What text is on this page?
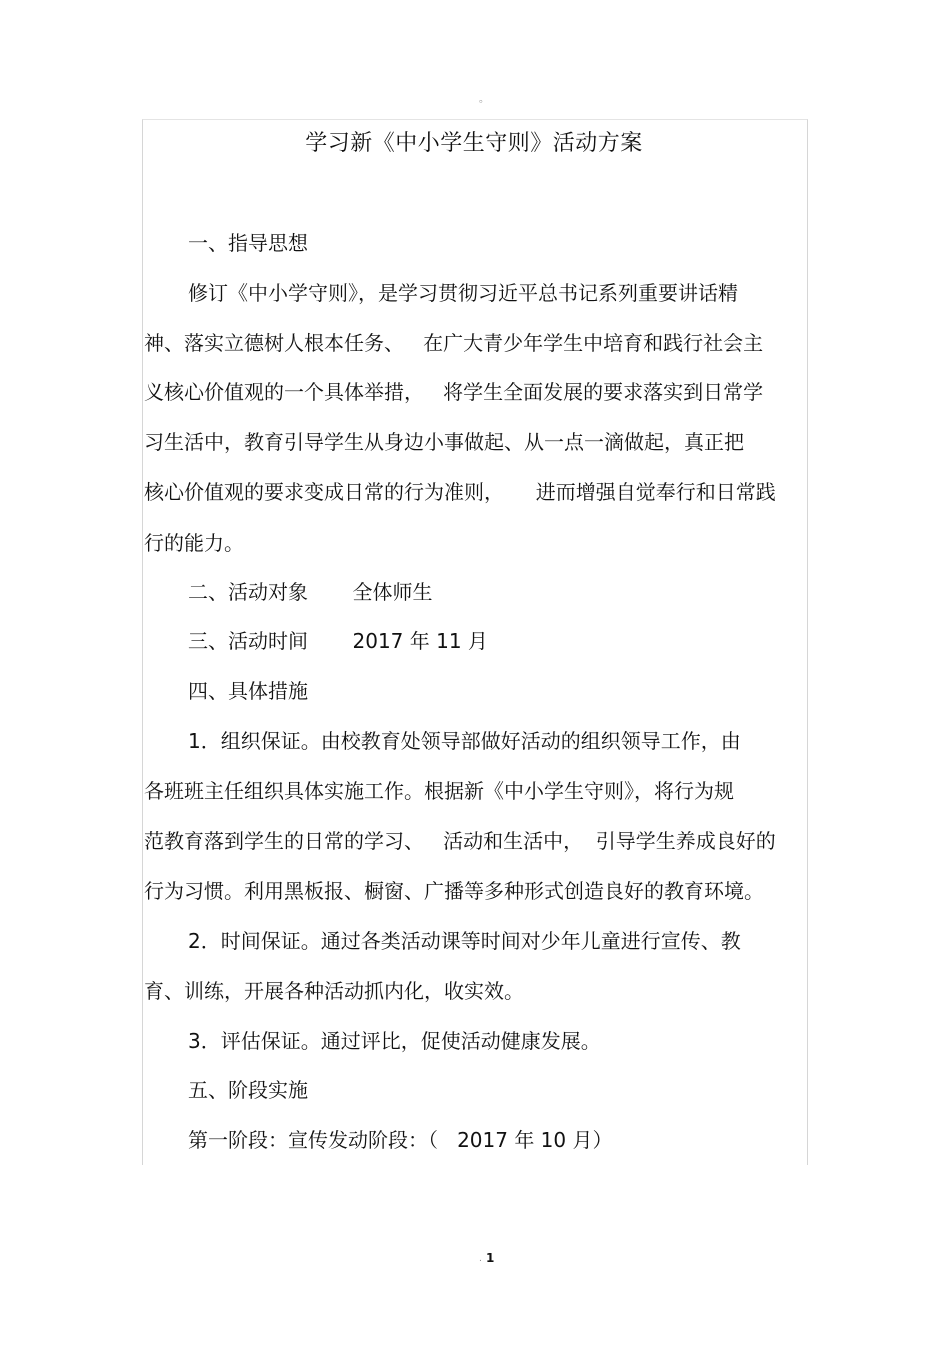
。
学习新《中小学生守则》活动方案
一、指导思想
修订《中小学守则》，是学习贯彻习近平总书记系列重要讲话精
神、落实立德树人根本任务、   在广大青少年学生中培育和践行社会主
义核心价值观的一个具体举措，   将学生全面发展的要求落实到日常学
习生活中，教育引导学生从身边小事做起、从一点一滴做起，真正把
核心价值观的要求变成日常的行为准则，     进而增强自觉奉行和日常践
行的能力。
二、活动对象       全体师生
三、活动时间       2017 年 11 月
四、具体措施
1．组织保证。由校教育处领导部做好活动的组织领导工作，由
各班班主任组织具体实施工作。根据新《中小学生守则》，将行为规
范教育落到学生的日常的学习、   活动和生活中，  引导学生养成良好的
行为习惯。利用黑板报、橱窗、广播等多种形式创造良好的教育环境。
2．时间保证。通过各类活动课等时间对少年儿童进行宣传、教
育、训练，开展各种活动抓内化，收实效。
3．评估保证。通过评比，促使活动健康发展。
五、阶段实施
第一阶段：宣传发动阶段：（   2017 年 10 月）
. 1
